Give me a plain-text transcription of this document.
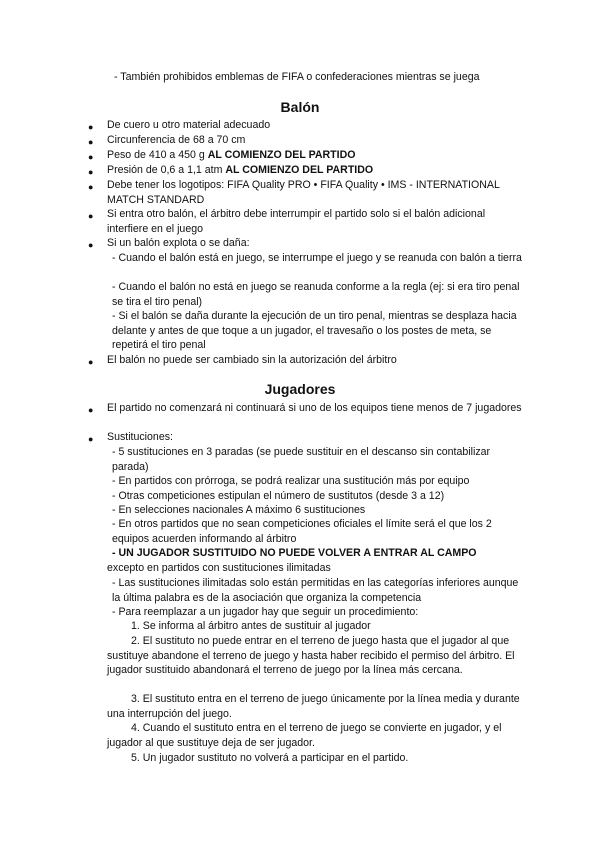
- También prohibidos emblemas de FIFA o confederaciones mientras se juega

Balón
● De cuero u otro material adecuado

● Circunferencia de 68 a 70 cm

● Peso de 410 a 450 g AL COMIENZO DEL PARTIDO

● Presión de 0,6 a 1,1 atm AL COMIENZO DEL PARTIDO

● Debe tener los logotipos: FIFA Quality PRO • FIFA Quality • IMS - INTERNATIONAL MATCH STANDARD

● Si entra otro balón, el árbitro debe interrumpir el partido solo si el balón adicional interfiere en el juego

● Si un balón explota o se daña:

- Cuando el balón está en juego, se interrumpe el juego y se reanuda con balón a tierra

- Cuando el balón no está en juego se reanuda conforme a la regla (ej: si era tiro penal se tira el tiro penal)

- Si el balón se daña durante la ejecución de un tiro penal, mientras se desplaza hacia delante y antes de que toque a un jugador, el travesaño o los postes de meta, se repetirá el tiro penal

● El balón no puede ser cambiado sin la autorización del árbitro

Jugadores
● El partido no comenzará ni continuará si uno de los equipos tiene menos de 7 jugadores

● Sustituciones:

- 5 sustituciones en 3 paradas (se puede sustituir en el descanso sin contabilizar parada)

- En partidos con prórroga, se podrá realizar una sustitución más por equipo

- Otras competiciones estipulan el número de sustitutos (desde 3 a 12)

- En selecciones nacionales A máximo 6 sustituciones

- En otros partidos que no sean competiciones oficiales el límite será el que los 2 equipos acuerden informando al árbitro

- UN JUGADOR SUSTITUIDO NO PUEDE VOLVER A ENTRAR AL CAMPO

excepto en partidos con sustituciones ilimitadas

- Las sustituciones ilimitadas solo están permitidas en las categorías inferiores aunque la última palabra es de la asociación que organiza la competencia

- Para reemplazar a un jugador hay que seguir un procedimiento:

1. Se informa al árbitro antes de sustituir al jugador

2. El sustituto no puede entrar en el terreno de juego hasta que el jugador al que sustituye abandone el terreno de juego y hasta haber recibido el permiso del árbitro. El jugador sustituido abandonará el terreno de juego por la línea más cercana.

3. El sustituto entra en el terreno de juego únicamente por la línea media y durante una interrupción del juego.

4. Cuando el sustituto entra en el terreno de juego se convierte en jugador, y el jugador al que sustituye deja de ser jugador.

5. Un jugador sustituto no volverá a participar en el partido.
